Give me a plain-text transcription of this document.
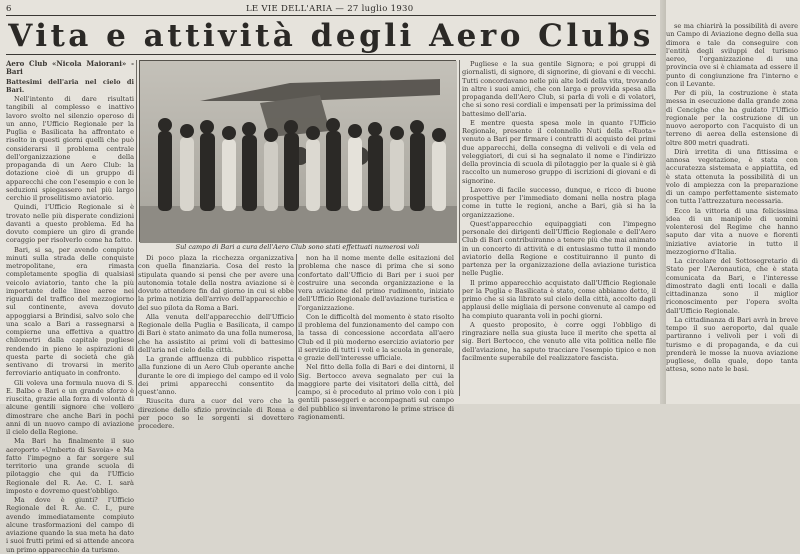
6	LE VIE DELL'ARIA — 27 luglio 1930
Vita e attività degli Aero Clubs

Aero Club «Nicola Maiorani» - Bari

Battesimi dell'aria nel cielo di Bari.

Nell'intento di dare risultati tangibili al complesso e inattivo lavoro svolto nel silenzio operoso di un anno, l'Ufficio Regionale per la Puglia e Basilicata ha affrontato e risolto in questi giorni quelli che può considerarsi il problema centrale dell'organizzazione e della propaganda di un Aero Club: la dotazione cioè di un gruppo di apparecchi che con l'esempio e con le seduzioni spiegassero nel più largo cerchio il proselitismo aviatorio.

Quindi, l'Ufficio Regionale si è trovato nelle più disperate condizioni davanti a questo problema. Ed ha dovuto compiere un giro di grande coraggio per risolverlo come ha fatto.

Bari, si sa, per avendo compiuto minuti sulla strada delle conquiste metropolitane, era rimasta completamente spoglia di qualsiasi veicolo aviatorio, tanto che la più importante delle linee aeree nei riguardi del traffico del mezzogiorno sul continente, aveva dovuto appoggiarsi a Brindisi, salvo solo che una scalo a Bari a rassegnarsi a compierne una effettiva a quattro chilometri dalla capitale pugliese rendendo in pieno le aspirazioni di questa parte di società che già sentivano di trovarsi in merito ferroviario antiquato in confronto.

Gli voleva una formula nuova di S. E. Balbo e Bari e un grande sforzo è riuscita, grazie alla forza di volontà di alcune gentili signore che vollero dimostrare che anche Bari in pochi anni di un nuovo campo di aviazione il cielo della Regione.

Ma Bari ha finalmente il suo aeroporto «Umberto di Savoia» e Ma fatto l'impegno a far sorgere sul territorio una grande scuola di pilotaggio che qui da l'Ufficio Regionale del R. Ae. C. I. sarà imposto e dovremo quest'obbligo.

Ma dove è giunti? l'Ufficio Regionale del R. Ae. C. I., pure avendo immediatamente compiuto alcune trasformazioni del campo di aviazione quando la sua meta ha dato i suoi frutti primi ed si attende ancora un primo apparecchio da turismo.

Sul campo di Bari a cura dell'Aero Club sono stati effettuati numerosi voli

Di poco plaza la ricchezza organizzativa con quella finanziaria. Cosa del resto la stipulata quando si pensi che per avere una autonomia totale della nostra aviazione si è dovuto attendere fin dal giorno in cui si ebbe la prima notizia dell'arrivo dell'apparecchio e del suo pilota da Roma a Bari.

Alla venuta dell'apparecchio dell'Ufficio Regionale della Puglia e Basilicata, il campo di Bari è stato animato da una folla numerosa, che ha assistito ai primi voli di battesimo dell'aria nel cielo della città.

La grande affluenza di pubblico rispetta alla funzione di un Aero Club operante anche durante le ore di impiego del campo ed il volo dei primi apparecchi consentito da quest'anno.

Riuscita dura a cuor del vero che la direzione dello sfizio provinciale di Roma e per poco so le sorgenti si dovettero procedere.

non ha il nome mente delle esitazioni del problema che nasce di prima che si sono confortato dall'Ufficio di Bari per i suoi per costruire una seconda organizzazione e la vera aviazione del primo rudimento, iniziato dell'Ufficio Regionale dell'aviazione turistica e l'organizzazione.

Con le difficoltà del momento è stato risolto il problema del funzionamento del campo con la tassa di concessione accordata all'aero Club ed il più moderno esercizio aviatorio per il servizio di tutti i voli e la scuola in generale, e grazie dell'interesse ufficiale.

Nel fitto della folla di Bari e dei dintorni, il Sig. Bertocco aveva segnalato per cui la maggiore parte dei visitatori della città, del campo, si è proceduto al primo volo con i più gentili passeggeri e accompagnati sul campo del pubblico si inventarono le prime strisce di ragionamenti.

Pugliese e la sua gentile Signora; e poi gruppi di giornalisti, di signore, di signorine, di giovani e di vecchi. Tutti concordavano nelle più alte lodi della vita, trovando in altre i suoi amici, che con larga e provvida spesa alla propaganda dell'Aero Club, si parla di voli e di volatori, che si sono resi cordiali e impensati per la primissima del battesimo dell'aria.

E mentre questa spesa mole in quanto l'Ufficio Regionale, presente il colonnello Nuti della «Ruota» venuto a Bari per firmare i contratti di acquisto dei primi due apparecchi, della consegna di velivoli e di vela ed veleggiatori, di cui si ha segnalato il nome e l'indirizzo della provincia di scuola di pilotaggio per la quale si è già raccolto un numeroso gruppo di iscrizioni di giovani e di signorine.

Lavoro di facile successo, dunque, e ricco di buone prospettive per l'immediato domani nella nostra plaga come in tutte le regioni, anche a Bari, già si ha la organizzazione.

Quest'apparecchio equipaggiati con l'impegno personale dei dirigenti dell'Ufficio Regionale e dell'Aero Club di Bari contribuiranno a tenere più che mai animato in un concerto di attività e di entusiasmo tutto il mondo aviatorio della Regione e costituiranno il punto di partenza per la organizzazione della aviazione turistica nelle Puglie.

Il primo apparecchio acquistato dall'Ufficio Regionale per la Puglia e Basilicata è stato, come abbiamo detto, il primo che si sia librato sul cielo della città, accolto dagli applausi delle migliaia di persone convenute al campo ed ha compiuto quaranta voli in pochi giorni.

A questo proposito, è corre oggi l'obbligo di ringraziare nella sua giusta luce il merito che spetta al sig. Beri Bertocco, che venuto alle vita politica nelle file dell'aviazione, ha saputo tracciare l'esempio tipico e non facilmente superabile del realizzatore fascista.

se ma chiarirà la possibilità di avere un Campo di Aviazione degno della sua dimora e tale da conseguire con l'entità degli sviluppi del turismo aereo, l'organizzazione di una provincia ove si è chiamata ad essere il punto di congiunzione fra l'interno e con il Levante.

Per di più, la costruzione è stata messa in esecuzione dalla grande zona di Cencighe che ha guidato l'Ufficio regionale per la costruzione di un nuovo aeroporto con l'acquisto di un terreno di aerea della estensione di oltre 800 metri quadrati.

Dirà irretita di una fittissima e annosa vegetazione, è stata con accuratezza sistemata e appiattita, ed è stata ottenuta la possibilità di un volo di ampiezza con la preparazione di un campo perfettamente sistemato con tutta l'attrezzatura necessaria.

Ecco la vittoria di una felicissima idea di un manipolo di uomini volenterosi del Regime che hanno saputo dar vita a nuove e fiorenti iniziative aviatorie in tutto il mezzogiorno d'Italia.

La circolare del Sottosegretario di Stato per l'Aeronautica, che è stata comunicata da Bari, e l'interesse dimostrato dagli enti locali e dalla cittadinanza sono il miglior riconoscimento per l'opera svolta dall'Ufficio Regionale.

La cittadinanza di Bari avrà in breve tempo il suo aeroporto, dal quale partiranno i velivoli per i voli di turismo e di propaganda, e da cui prenderà le mosse la nuova aviazione pugliese, della quale, dopo tanta attesa, sono nate le basi.
